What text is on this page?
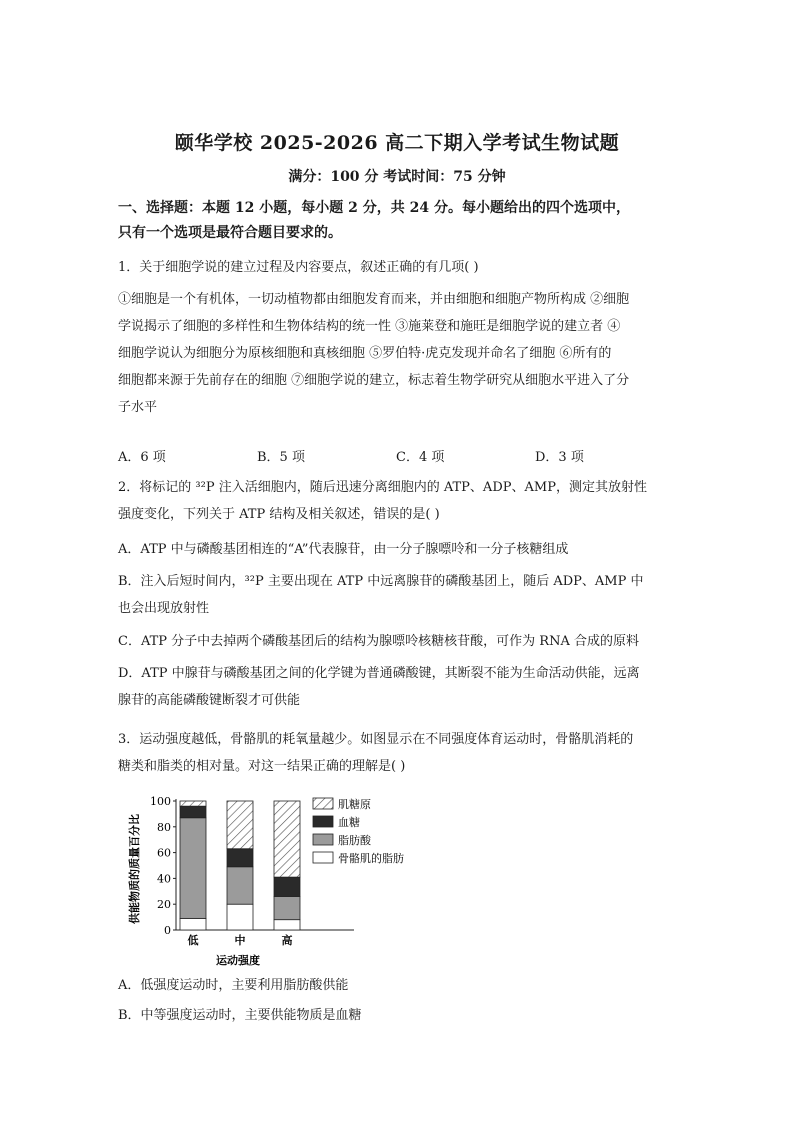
颐华学校 2025-2026 高二下期入学考试生物试题
满分：100 分 考试时间：75 分钟
一、选择题：本题 12 小题，每小题 2 分，共 24 分。每小题给出的四个选项中，
只有一个选项是最符合题目要求的。
1．关于细胞学说的建立过程及内容要点，叙述正确的有几项( )
①细胞是一个有机体，一切动植物都由细胞发育而来，并由细胞和细胞产物所构成 ②细胞
学说揭示了细胞的多样性和生物体结构的统一性 ③施莱登和施旺是细胞学说的建立者 ④
细胞学说认为细胞分为原核细胞和真核细胞 ⑤罗伯特·虎克发现并命名了细胞 ⑥所有的
细胞都来源于先前存在的细胞 ⑦细胞学说的建立，标志着生物学研究从细胞水平进入了分
子水平
A．6 项	B．5 项	C．4 项	D．3 项
2．将标记的 ³²P 注入活细胞内，随后迅速分离细胞内的 ATP、ADP、AMP，测定其放射性
强度变化，下列关于 ATP 结构及相关叙述，错误的是( )
A．ATP 中与磷酸基团相连的“A”代表腺苷，由一分子腺嘌呤和一分子核糖组成
B．注入后短时间内，³²P 主要出现在 ATP 中远离腺苷的磷酸基团上，随后 ADP、AMP 中
也会出现放射性
C．ATP 分子中去掉两个磷酸基团后的结构为腺嘌呤核糖核苷酸，可作为 RNA 合成的原料
D．ATP 中腺苷与磷酸基团之间的化学键为普通磷酸键，其断裂不能为生命活动供能，远离
腺苷的高能磷酸键断裂才可供能
3．运动强度越低，骨骼肌的耗氧量越少。如图显示在不同强度体育运动时，骨骼肌消耗的
糖类和脂类的相对量。对这一结果正确的理解是( )
0
20
40
60
80
100
低	中	高
肌糖原
血糖
脂肪酸
骨骼肌的脂肪
供能物质的质量百分比
运动强度
A．低强度运动时，主要利用脂肪酸供能
B．中等强度运动时，主要供能物质是血糖
